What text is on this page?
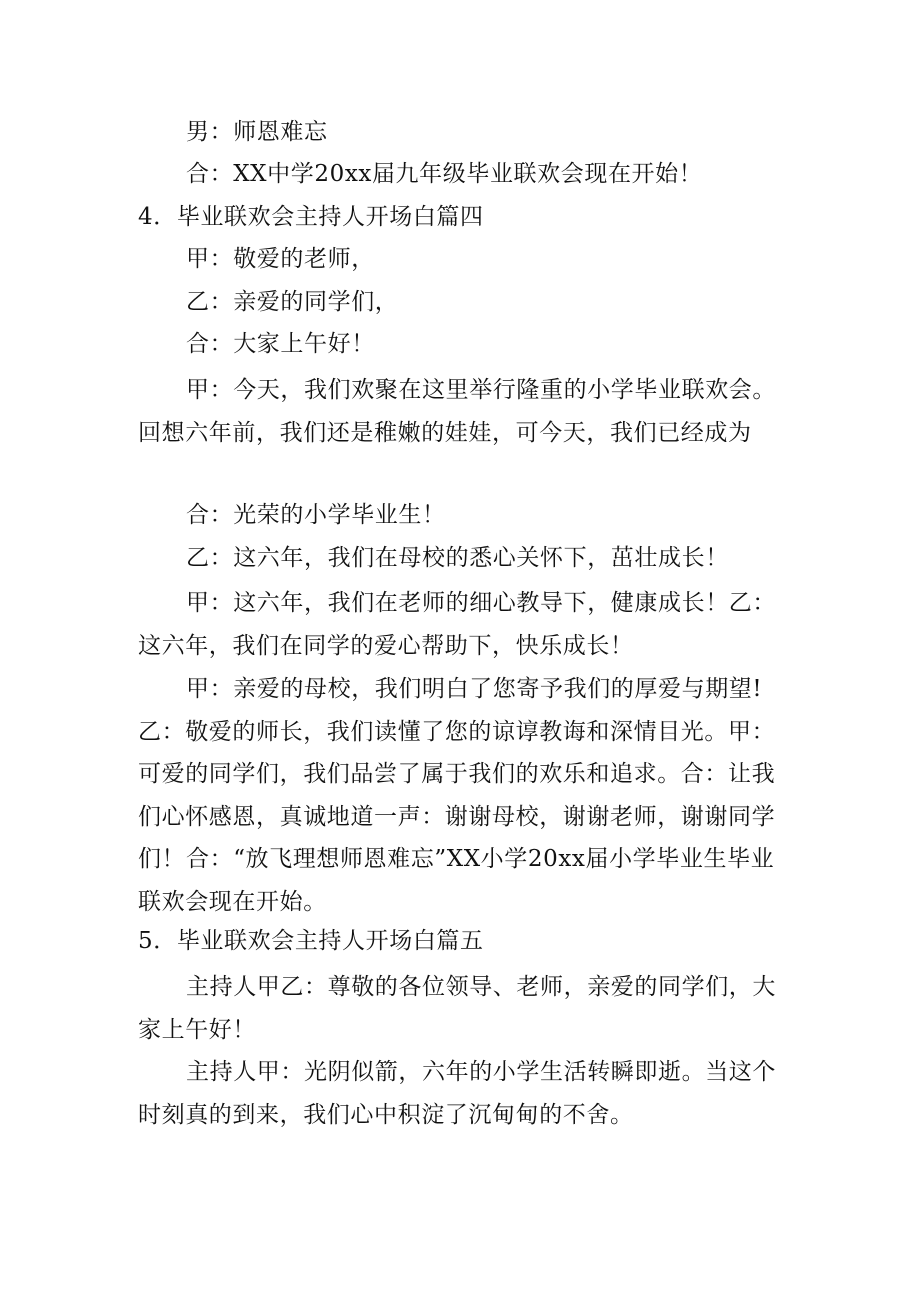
男：师恩难忘

合：XX中学20xx届九年级毕业联欢会现在开始！

4．毕业联欢会主持人开场白篇四

甲：敬爱的老师，

乙：亲爱的同学们，

合：大家上午好！

甲：今天，我们欢聚在这里举行隆重的小学毕业联欢会。回想六年前，我们还是稚嫩的娃娃，可今天，我们已经成为

合：光荣的小学毕业生！

乙：这六年，我们在母校的悉心关怀下，茁壮成长！

甲：这六年，我们在老师的细心教导下，健康成长！乙：这六年，我们在同学的爱心帮助下，快乐成长！

甲：亲爱的母校，我们明白了您寄予我们的厚爱与期望!乙：敬爱的师长，我们读懂了您的谅谆教诲和深情目光。甲：可爱的同学们，我们品尝了属于我们的欢乐和追求。合：让我们心怀感恩，真诚地道一声：谢谢母校，谢谢老师，谢谢同学们！ 合：“放飞理想师恩难忘”XX小学20xx届小学毕业生毕业联欢会现在开始。

5．毕业联欢会主持人开场白篇五

主持人甲乙：尊敬的各位领导、老师，亲爱的同学们，大家上午好！

主持人甲：光阴似箭，六年的小学生活转瞬即逝。当这个时刻真的到来，我们心中积淀了沉甸甸的不舍。
